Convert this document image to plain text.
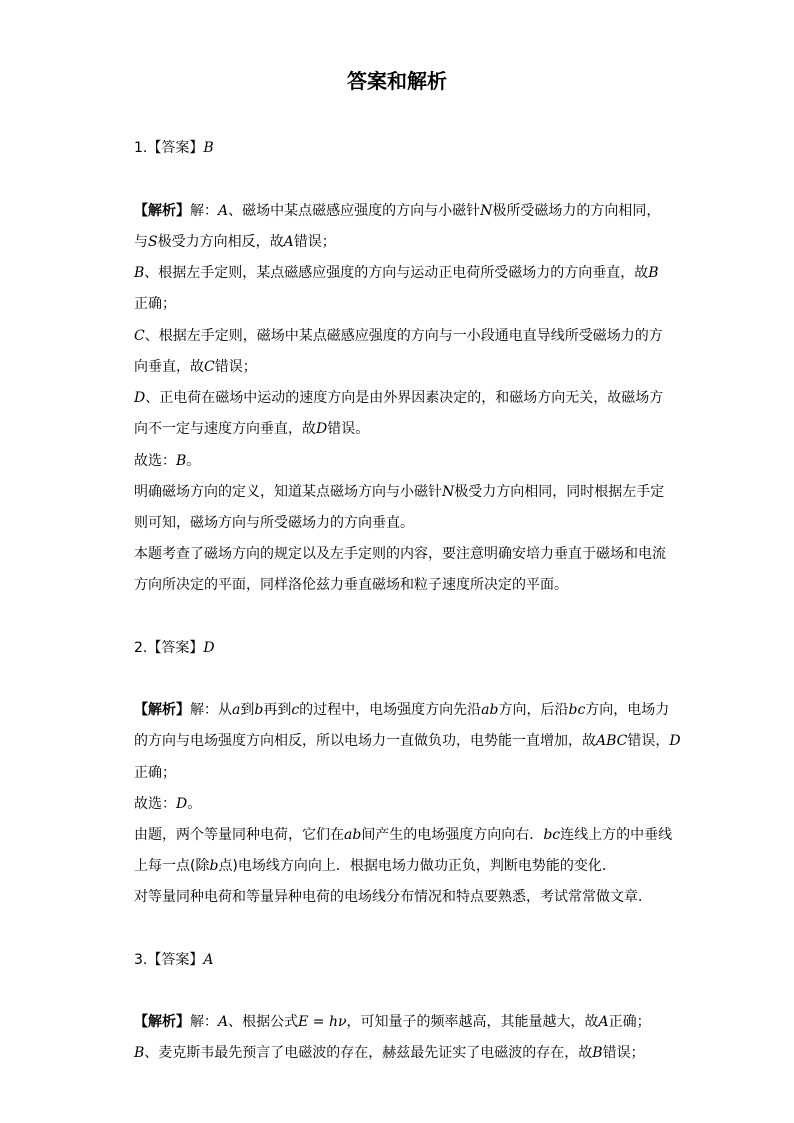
答案和解析
1.【答案】B
【解析】解：A、磁场中某点磁感应强度的方向与小磁针N极所受磁场力的方向相同，
与S极受力方向相反，故A错误；
B、根据左手定则，某点磁感应强度的方向与运动正电荷所受磁场力的方向垂直，故B
正确；
C、根据左手定则，磁场中某点磁感应强度的方向与一小段通电直导线所受磁场力的方
向垂直，故C错误；
D、正电荷在磁场中运动的速度方向是由外界因素决定的，和磁场方向无关，故磁场方
向不一定与速度方向垂直，故D错误。
故选：B。
明确磁场方向的定义，知道某点磁场方向与小磁针N极受力方向相同，同时根据左手定
则可知，磁场方向与所受磁场力的方向垂直。
本题考查了磁场方向的规定以及左手定则的内容，要注意明确安培力垂直于磁场和电流
方向所决定的平面，同样洛伦兹力垂直磁场和粒子速度所决定的平面。
2.【答案】D
【解析】解：从a到b再到c的过程中，电场强度方向先沿ab方向，后沿bc方向，电场力
的方向与电场强度方向相反，所以电场力一直做负功，电势能一直增加，故ABC错误，D
正确；
故选：D。
由题，两个等量同种电荷，它们在ab间产生的电场强度方向向右．bc连线上方的中垂线
上每一点(除b点)电场线方向向上．根据电场力做功正负，判断电势能的变化．
对等量同种电荷和等量异种电荷的电场线分布情况和特点要熟悉，考试常常做文章．
3.【答案】A
【解析】解：A、根据公式E = hν，可知量子的频率越高，其能量越大，故A正确；
B、麦克斯韦最先预言了电磁波的存在，赫兹最先证实了电磁波的存在，故B错误；
